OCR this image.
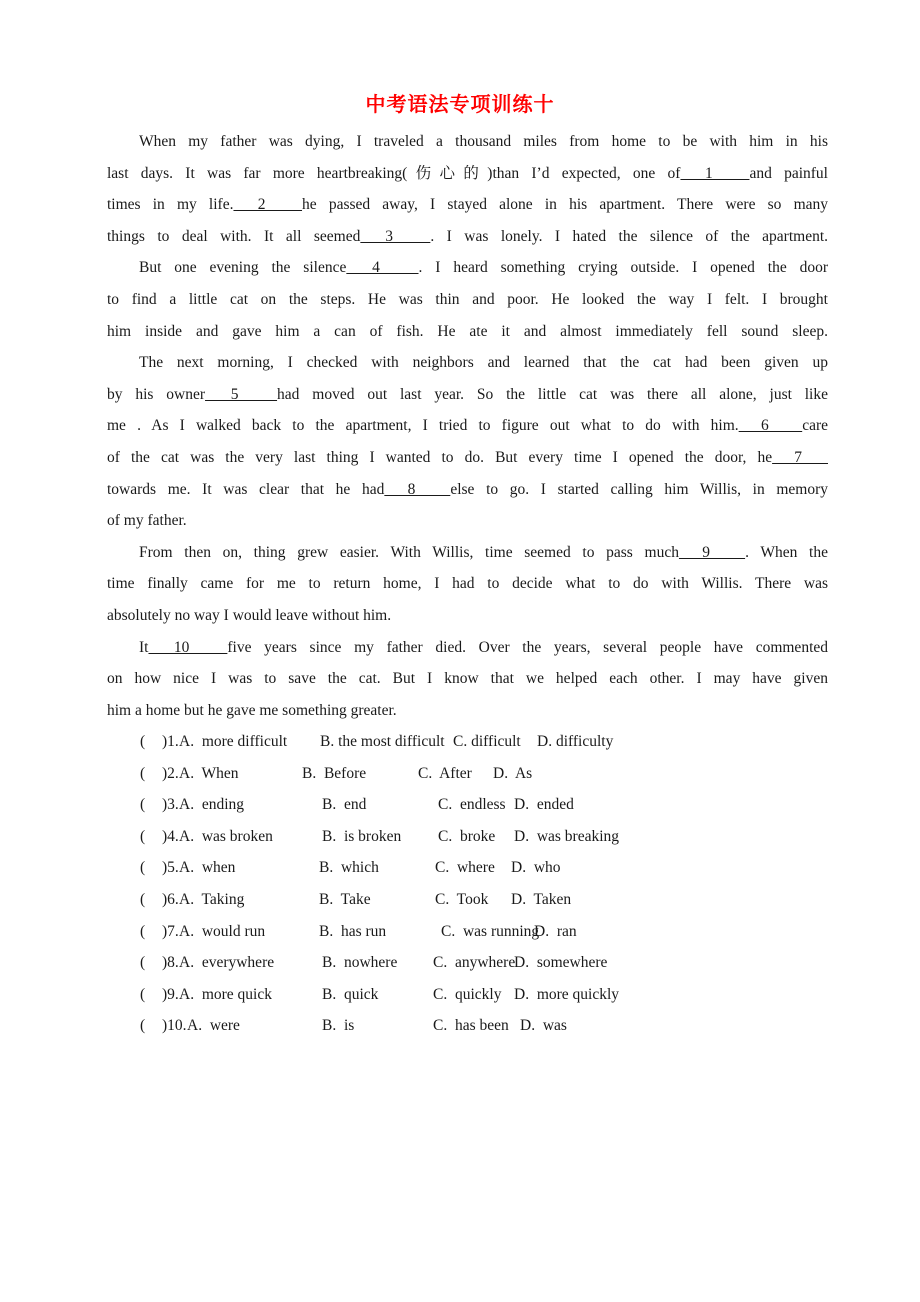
中考语法专项训练十
When my father was dying, I traveled a thousand miles from home to be with him in his
last days. It was far more heartbreaking(伤心的)than I’d expected, one of  1   and painful
times in my life.  2   he passed away, I stayed alone in his apartment. There were so many
things to deal with. It all seemed  3   . I was lonely. I hated the silence of the apartment.
But one evening the silence  4   . I heard something crying outside. I opened the door
to find a little cat on the steps. He was thin and poor. He looked the way I felt. I brought
him inside and gave him a can of fish. He ate it and almost immediately fell sound sleep.
The next morning, I checked with neighbors and learned that the cat had been given up
by his owner  5   had moved out last year. So the little cat was there all alone, just like
me . As I walked back to the apartment, I tried to figure out what to do with him.  6   care
of the cat was the very last thing I wanted to do. But every time I opened the door, he  7
towards me. It was clear that he had  8   else to go. I started calling him Willis, in memory
of my father.
From then on, thing grew easier. With Willis, time seemed to pass much  9   . When the
time finally came for me to return home, I had to decide what to do with Willis. There was
absolutely no way I would leave without him.
It  10   five years since my father died. Over the years, several people have commented
on how nice I was to save the cat. But I know that we helped each other. I may have given
him a home but he gave me something greater.
( )1. A.  more difficult B. the most difficult C. difficult D. difficulty
( )2. A.  When	B.  Before	C.  After D.  As
( )3. A.  ending	B.  end	C.  endless D.  ended
( )4. A.  was broken	B.  is broken C.  broke D.  was breaking
( )5. A.  when	B.  which	C.  where D.  who
( )6. A.  Taking	B.  Take	C.  Took D.  Taken
( )7. A.  would run	B.  has run	C.  was running
D.  ran
( )8. A.  everywhere	B.  nowhere C.  anywhere
D.  somewhere
( )9. A.  more quick	B.  quick	C.  quickly D.  more quickly
( )10. A.  were	B.  is	C.  has been D.  was
